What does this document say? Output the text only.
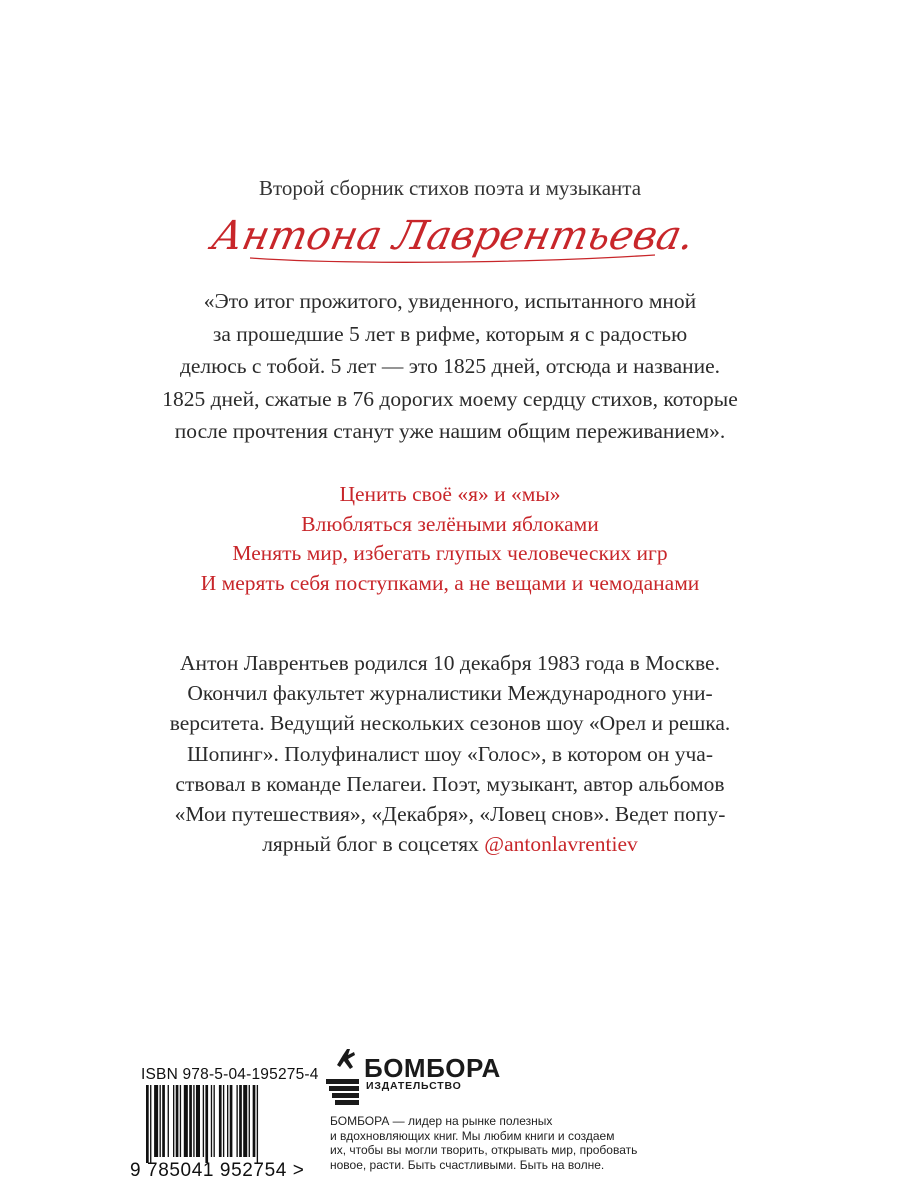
Второй сборник стихов поэта и музыканта
Антона Лаврентьева.
«Это итог прожитого, увиденного, испытанного мной
за прошедшие 5 лет в рифме, которым я с радостью
делюсь с тобой. 5 лет — это 1825 дней, отсюда и название.
1825 дней, сжатые в 76 дорогих моему сердцу стихов, которые
после прочтения станут уже нашим общим переживанием».
Ценить своё «я» и «мы»
Влюбляться зелёными яблоками
Менять мир, избегать глупых человеческих игр
И мерять себя поступками, а не вещами и чемоданами
Антон Лаврентьев родился 10 декабря 1983 года в Москве.
Окончил факультет журналистики Международного уни-
верситета. Ведущий нескольких сезонов шоу «Орел и решка.
Шопинг». Полуфиналист шоу «Голос», в котором он уча-
ствовал в команде Пелагеи. Поэт, музыкант, автор альбомов
«Мои путешествия», «Декабря», «Ловец снов». Ведет попу-
лярный блог в соцсетях @antonlavrentiev
ISBN 978-5-04-195275-4
9 785041 952754 >
БОМБОРА
ИЗДАТЕЛЬСТВО
БОМБОРА — лидер на рынке полезных
и вдохновляющих книг. Мы любим книги и создаем
их, чтобы вы могли творить, открывать мир, пробовать
новое, расти. Быть счастливыми. Быть на волне.
